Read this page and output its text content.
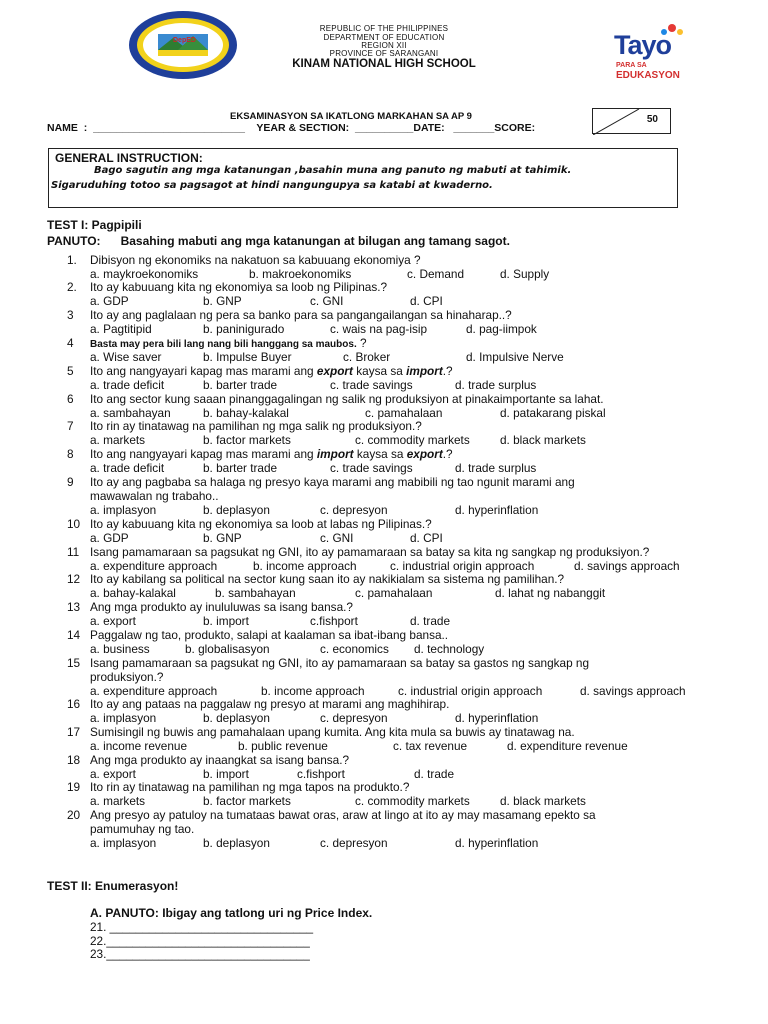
DepED
REPUBLIC OF THE PHILIPPINES
DEPARTMENT OF EDUCATION
REGION XII
PROVINCE OF SARANGANI
KINAM NATIONAL HIGH SCHOOL
Tayo
PARA SA
EDUKASYON
EKSAMINASYON SA IKATLONG MARKAHAN SA AP 9
NAME  :  __________________________    YEAR & SECTION:  __________DATE:   _______SCORE:
50
GENERAL INSTRUCTION:
Bago sagutin ang mga katanungan ,basahin muna ang panuto ng mabuti at tahimik.
Sigaruduhing totoo sa pagsagot at hindi nangungupya sa katabi at kwaderno.
TEST I: Pagpipili
PANUTO: Basahing mabuti ang mga katanungan at bilugan ang tamang sagot.
1. Dibisyon ng ekonomiks na nakatuon sa kabuuang ekonomiya ?
a. maykroekonomiks	b. makroekonomiks	c. Demand	d. Supply
2. Ito ay kabuuang kita ng ekonomiya sa loob ng Pilipinas.?
a. GDP	b. GNP	c. GNI	d. CPI
3 Ito ay ang paglalaan ng pera sa banko para sa pangangailangan sa hinaharap..?
a. Pagtitipid	b. paninigurado	c. wais na pag-isip	d. pag-iimpok
4 Basta may pera bili lang nang bili hanggang sa maubos. ?
a. Wise saver	b. Impulse Buyer	c. Broker	d. Impulsive Nerve
5 Ito ang nangyayari kapag mas marami ang export kaysa sa import.?
a. trade deficit	b. barter trade	c. trade savings	d. trade surplus
6 Ito ang sector kung saaan pinanggagalingan ng salik ng produksiyon at pinakaimportante sa lahat.
a. sambahayan	b. bahay-kalakal	c. pamahalaan	d. patakarang piskal
7 Ito rin ay tinatawag na pamilihan ng mga salik ng produksiyon.?
a. markets	b. factor markets	c. commodity markets	d. black markets
8 Ito ang nangyayari kapag mas marami ang import kaysa sa export.?
a. trade deficit	b. barter trade	c. trade savings	d. trade surplus
9 Ito ay ang pagbaba sa halaga ng presyo kaya marami ang mabibili ng tao ngunit marami ang
mawawalan ng trabaho..
a. implasyon	b. deplasyon	c. depresyon	d. hyperinflation
10 Ito ay kabuuang kita ng ekonomiya sa loob at labas ng Pilipinas.?
a. GDP	b. GNP	c. GNI	d. CPI
11 Isang pamamaraan sa pagsukat ng GNI, ito ay pamamaraan sa batay sa kita ng sangkap ng produksiyon.?
a. expenditure approach	b. income approach	c. industrial origin approach	d. savings approach
12 Ito ay kabilang sa political na sector kung saan ito ay nakikialam sa sistema ng pamilihan.?
a. bahay-kalakal	b. sambahayan	c. pamahalaan	d. lahat ng nabanggit
13 Ang mga produkto ay inululuwas sa isang bansa.?
a. export	b. import	c.fishport	d. trade
14 Paggalaw ng tao, produkto, salapi at kaalaman sa ibat-ibang bansa..
a. business	b. globalisasyon	c. economics d. technology
15 Isang pamamaraan sa pagsukat ng GNI, ito ay pamamaraan sa batay sa gastos ng sangkap ng
produksiyon.?
a. expenditure approach	b. income approach	c. industrial origin approach	d. savings approach
16 Ito ay ang pataas na paggalaw ng presyo at marami ang maghihirap.
a. implasyon	b. deplasyon	c. depresyon	d. hyperinflation
17 Sumisingil ng buwis ang pamahalaan upang kumita. Ang kita mula sa buwis ay tinatawag na.
a. income revenue	b. public revenue	c. tax revenue	d. expenditure revenue
18 Ang mga produkto ay inaangkat sa isang bansa.?
a. export	b. import	c.fishport	d. trade
19 Ito rin ay tinatawag na pamilihan ng mga tapos na produkto.?
a. markets	b. factor markets	c. commodity markets	d. black markets
20 Ang presyo ay patuloy na tumataas bawat oras, araw at lingo at ito ay may masamang epekto sa
pamumuhay ng tao.
a. implasyon	b. deplasyon	c. depresyon	d. hyperinflation
TEST II: Enumerasyon!
A. PANUTO: Ibigay ang tatlong uri ng Price Index.
21. _______________________________
22._______________________________
23._______________________________
